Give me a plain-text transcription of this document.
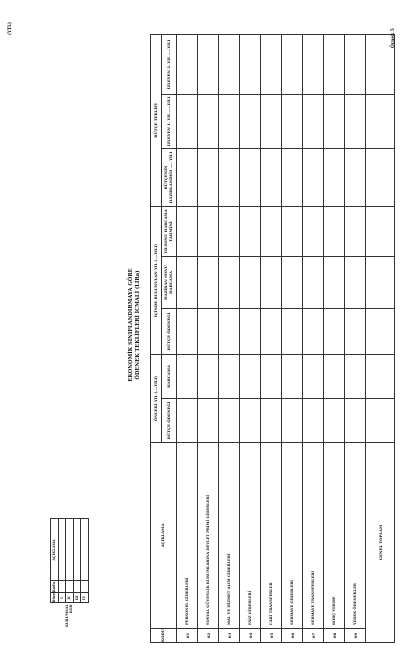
EKONOMİK SINIFLANDIRMAYA GÖRE ÖDENEK TEKLİFLERİ İCMALİ (LİRa)
(YTL)
KURUMSAL KOD	Düzey	Kodu	AÇIKLAMA
	I		
	II		
	III		
	IV		
KODU	AÇIKLAMA	ÖNCEKİ YIL (….YILI)		İÇİNDE BULUNULAN YIL (….YILI)			BÜTÇE TEKLİFİ		
		BÜTÇE ÖDENEĞİ	HARCAMA	BÜTÇE ÖDENEĞİ	HAZİRAN SONU HARCAMA	YILSONU HARCAMA TAHMİNİ	BÜTÇENİN HAZIRLANDIĞI ….. YILI	İZLEYEN 1. YIL …..YILI	İZLEYEN 2. YIL …..YILI

01	PERSONEL GİDERLERİ								
02	SOSYAL GÜVENLİK KURUMLARINA DEVLET PRİMİ GİDERLERİ								
03	MAL VE HİZMET ALIM GİDERLERİ								
04	FAİZ GİDERLERİ								
05	CARİ TRANSFERLER								
06	SERMAYE GİDERLERİ								
07	SERMAYE TRANSFERLERİ								
08	BORÇ VERME								
09	YEDEK ÖDENEKLER								
GENEL TOPLAM									
Örnek 5
